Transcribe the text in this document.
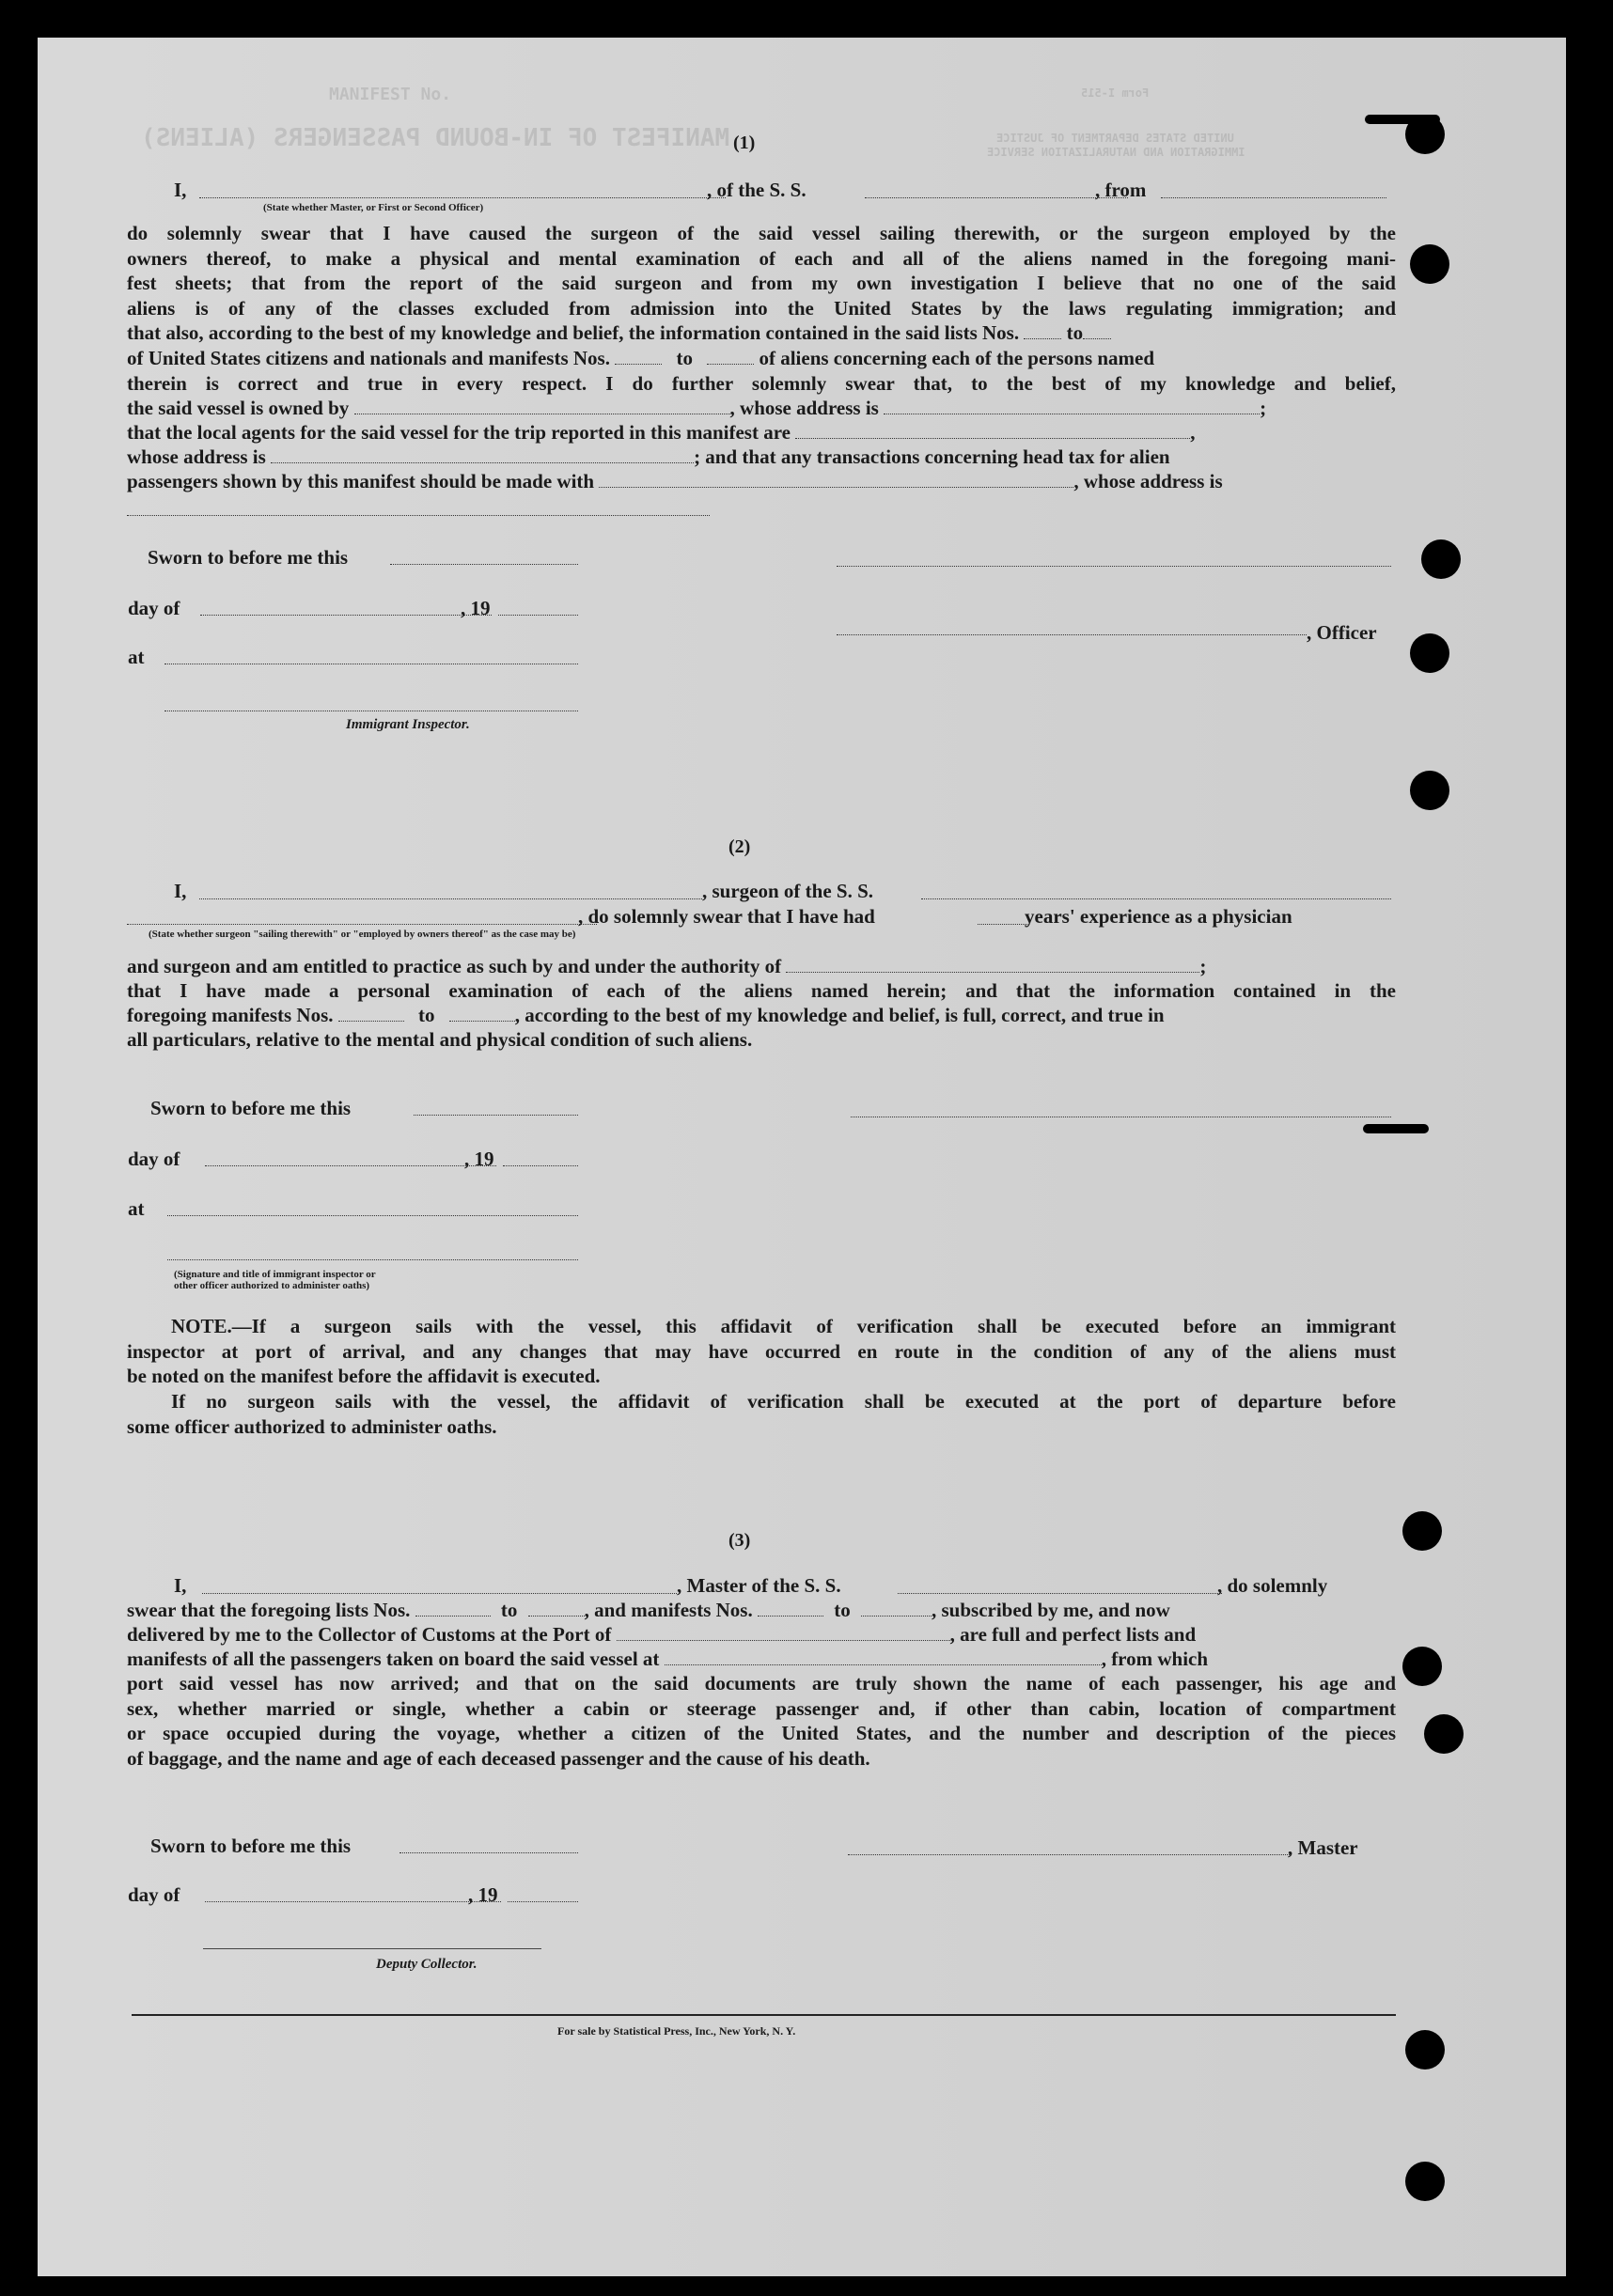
MANIFEST No.
MANIFEST OF IN-BOUND PASSENGERS (ALIENS)	UNITED STATES DEPARTMENT OF JUSTICE
IMMIGRATION AND NATURALIZATION SERVICE
Form I-515
(1)
I,	, of the S. S.	, from
(State whether Master, or First or Second Officer)
do solemnly swear that I have caused the surgeon of the said vessel sailing therewith, or the surgeon employed by the
owners thereof, to make a physical and mental examination of each and all of the aliens named in the foregoing mani-
fest sheets; that from the report of the said surgeon and from my own investigation I believe that no one of the said
aliens is of any of the classes excluded from admission into the United States by the laws regulating immigration; and
that also, according to the best of my knowledge and belief, the information contained in the said lists Nos. to
of United States citizens and nationals and manifests Nos.	to	of aliens concerning each of the persons named
therein is correct and true in every respect. I do further solemnly swear that, to the best of my knowledge and belief,
the said vessel is owned by	, whose address is	;
that the local agents for the said vessel for the trip reported in this manifest are	,
whose address is	; and that any transactions concerning head tax for alien
passengers shown by this manifest should be made with	, whose address is
Sworn to before me this
day of	, 19
, Officer
at
Immigrant Inspector.
(2)
I,	, surgeon of the S. S.
, do solemnly swear that I have had	years' experience as a physician
(State whether surgeon "sailing therewith" or "employed by owners thereof" as the case may be)
and surgeon and am entitled to practice as such by and under the authority of	;
that I have made a personal examination of each of the aliens named herein; and that the information contained in the
foregoing manifests Nos.	to	, according to the best of my knowledge and belief, is full, correct, and true in
all particulars, relative to the mental and physical condition of such aliens.
Sworn to before me this
day of	, 19
at
(Signature and title of immigrant inspector or
other officer authorized to administer oaths)
NOTE.—If a surgeon sails with the vessel, this affidavit of verification shall be executed before an immigrant
inspector at port of arrival, and any changes that may have occurred en route in the condition of any of the aliens must
be noted on the manifest before the affidavit is executed.
If no surgeon sails with the vessel, the affidavit of verification shall be executed at the port of departure before
some officer authorized to administer oaths.
(3)
I,	, Master of the S. S.	, do solemnly
swear that the foregoing lists Nos.	to	, and manifests Nos.	to	, subscribed by me, and now
delivered by me to the Collector of Customs at the Port of	, are full and perfect lists and
manifests of all the passengers taken on board the said vessel at	, from which
port said vessel has now arrived; and that on the said documents are truly shown the name of each passenger, his age and
sex, whether married or single, whether a cabin or steerage passenger and, if other than cabin, location of compartment
or space occupied during the voyage, whether a citizen of the United States, and the number and description of the pieces
of baggage, and the name and age of each deceased passenger and the cause of his death.
Sworn to before me this	, Master
day of	, 19
Deputy Collector.
For sale by Statistical Press, Inc., New York, N. Y.
